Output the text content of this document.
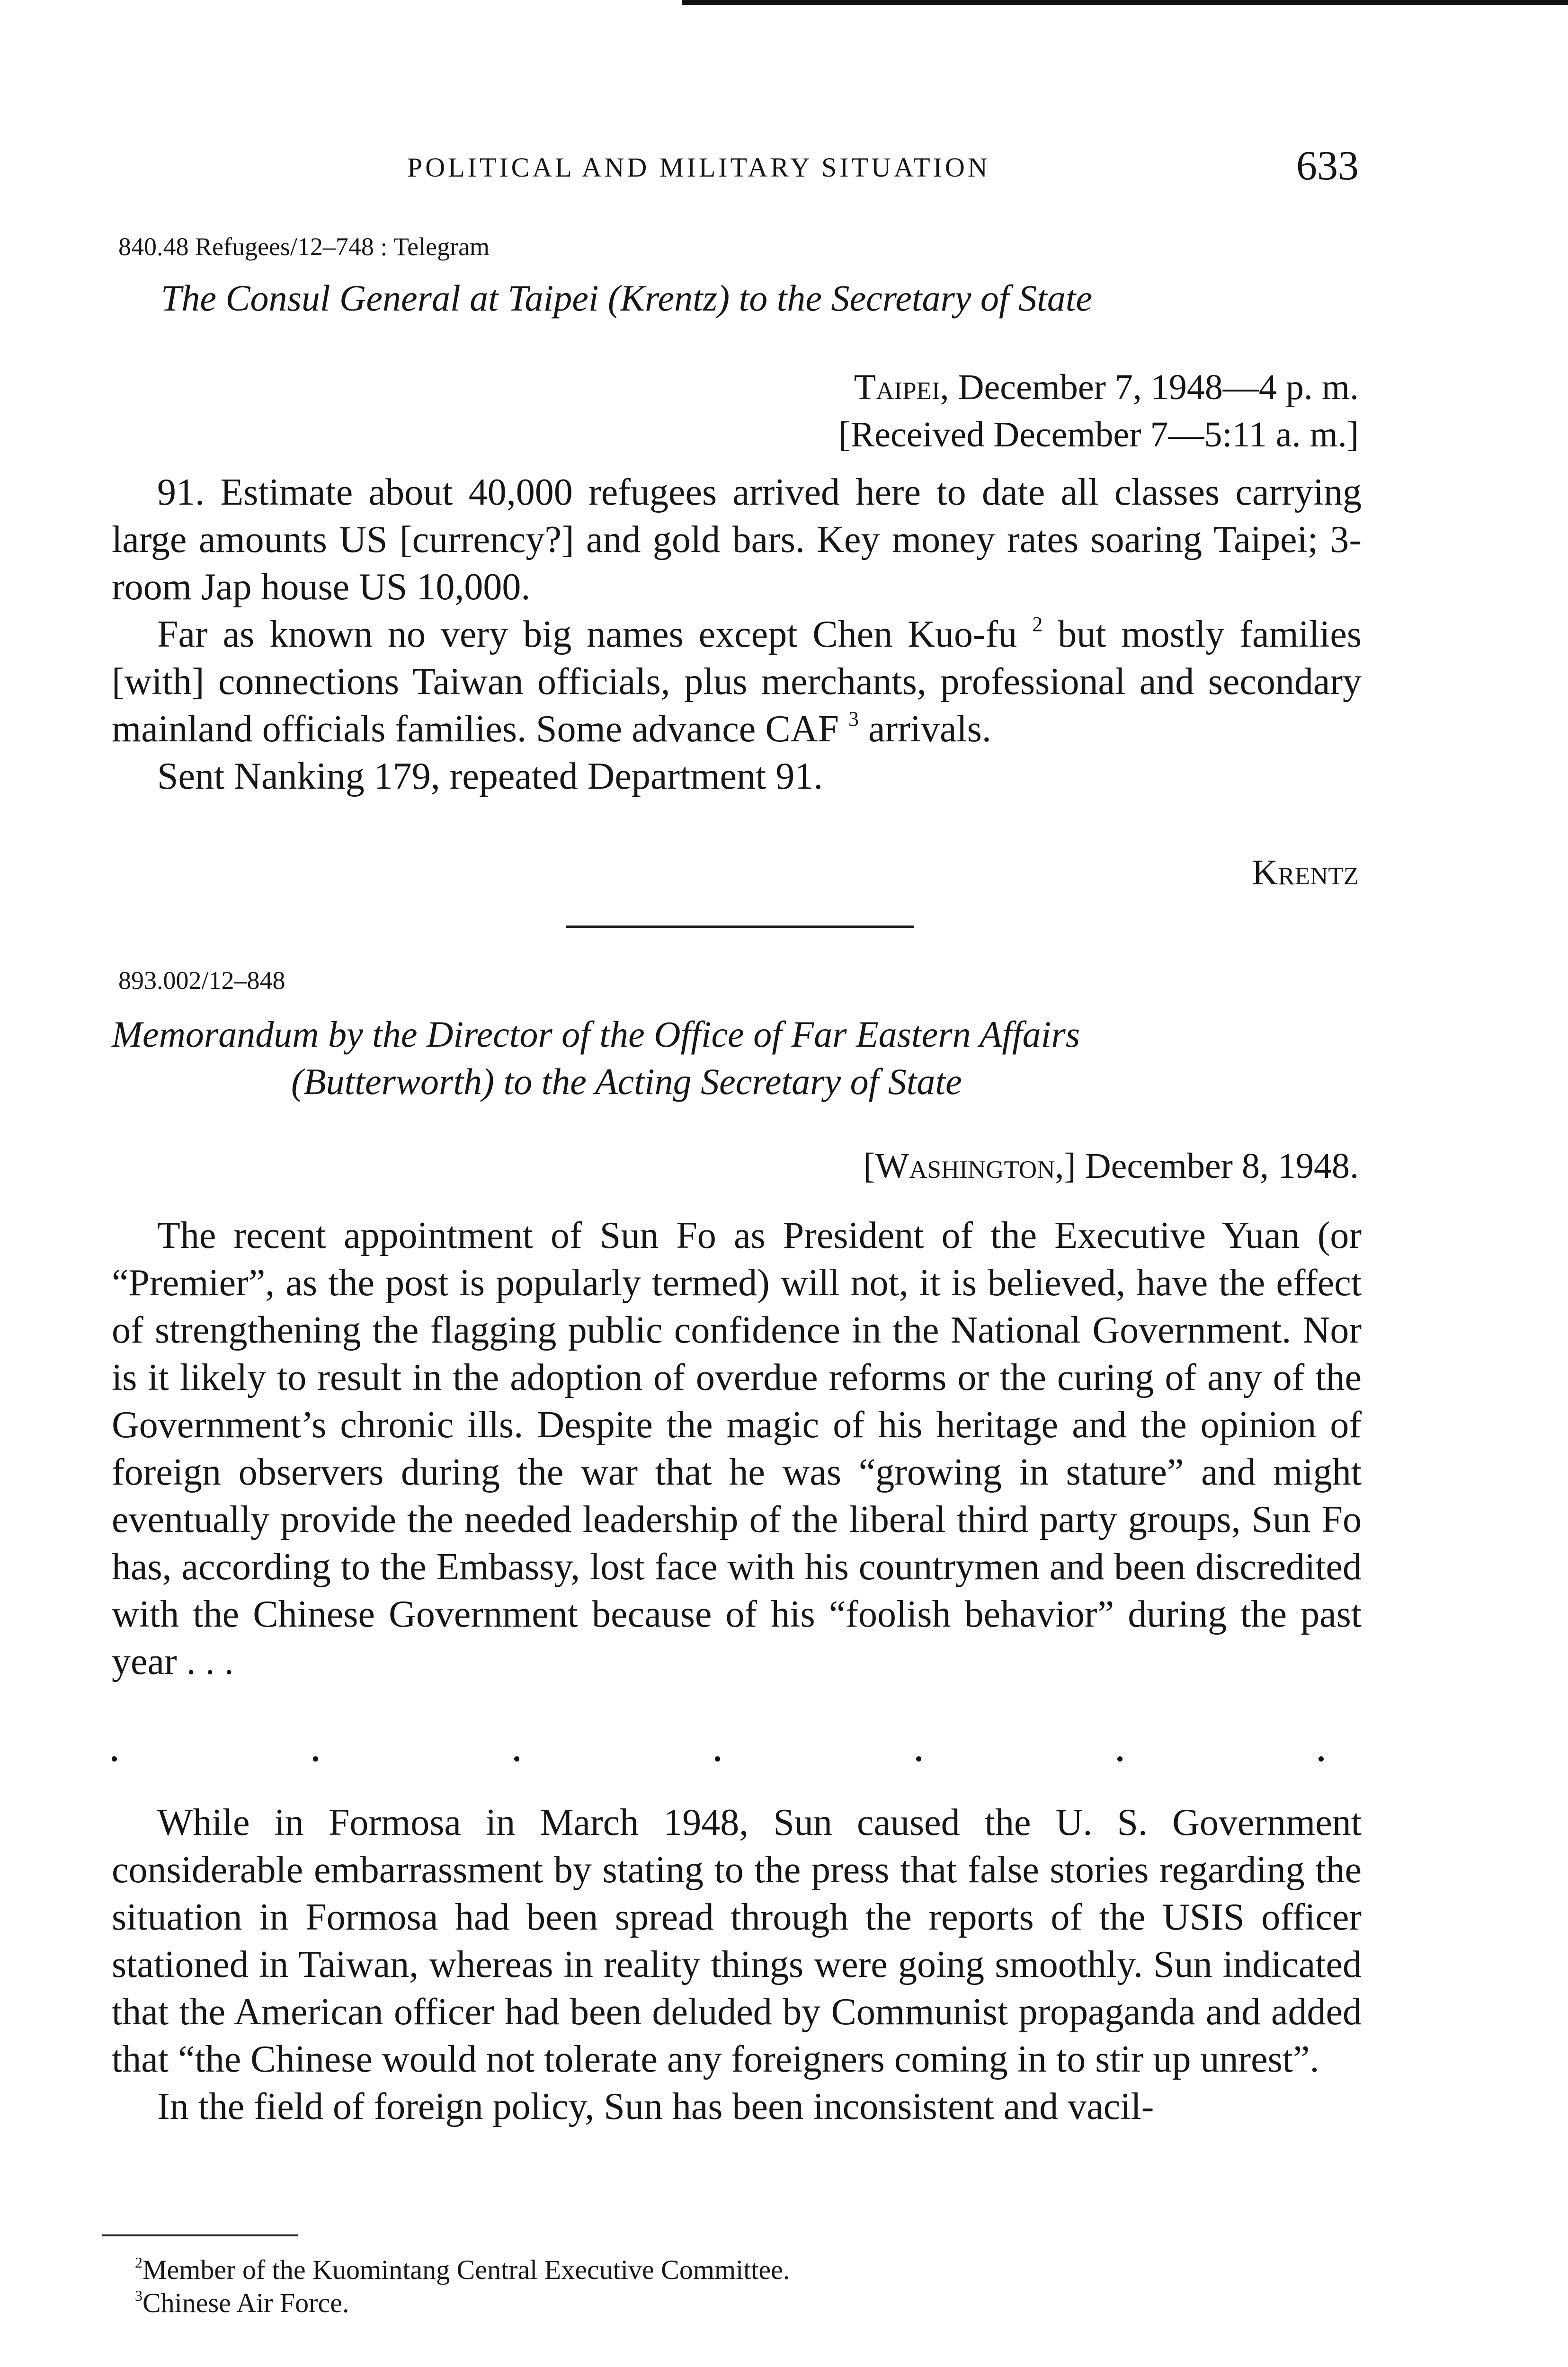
POLITICAL AND MILITARY SITUATION	633
840.48 Refugees/12–748 : Telegram
The Consul General at Taipei (Krentz) to the Secretary of State
Taipei, December 7, 1948—4 p. m.
[Received December 7—5:11 a. m.]

91. Estimate about 40,000 refugees arrived here to date all classes carrying large amounts US [currency?] and gold bars. Key money rates soaring Taipei; 3-room Jap house US 10,000.

Far as known no very big names except Chen Kuo-fu $^2$ but mostly families [with] connections Taiwan officials, plus merchants, professional and secondary mainland officials families. Some advance CAF $^3$ arrivals.

Sent Nanking 179, repeated Department 91.

Krentz
893.002/12–848
Memorandum by the Director of the Office of Far Eastern Affairs
(Butterworth) to the Acting Secretary of State
[Washington,] December 8, 1948.

The recent appointment of Sun Fo as President of the Executive Yuan (or “Premier”, as the post is popularly termed) will not, it is believed, have the effect of strengthening the flagging public confidence in the National Government. Nor is it likely to result in the adoption of overdue reforms or the curing of any of the Government’s chronic ills. Despite the magic of his heritage and the opinion of foreign observers during the war that he was “growing in stature” and might eventually provide the needed leadership of the liberal third party groups, Sun Fo has, according to the Embassy, lost face with his countrymen and been discredited with the Chinese Government because of his “foolish behavior” during the past year . . .

While in Formosa in March 1948, Sun caused the U. S. Government considerable embarrassment by stating to the press that false stories regarding the situation in Formosa had been spread through the reports of the USIS officer stationed in Taiwan, whereas in reality things were going smoothly. Sun indicated that the American officer had been deluded by Communist propaganda and added that “the Chinese would not tolerate any foreigners coming in to stir up unrest”.

In the field of foreign policy, Sun has been inconsistent and vacil-

$^2$Member of the Kuomintang Central Executive Committee.
$^3$Chinese Air Force.
